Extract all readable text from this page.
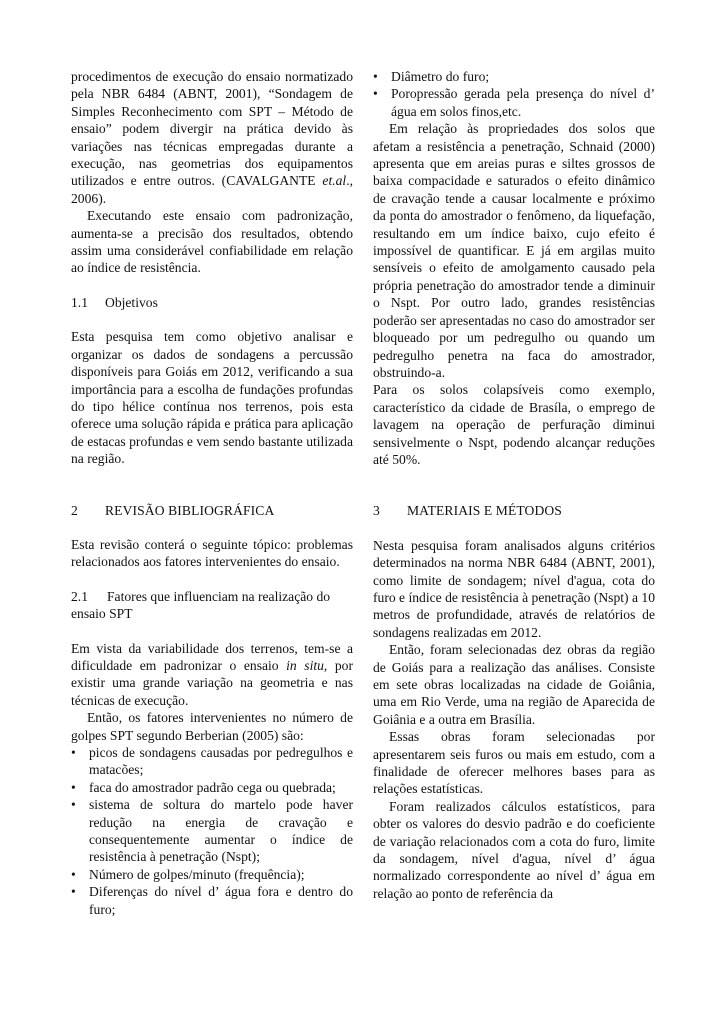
procedimentos de execução do ensaio normatizado pela NBR 6484 (ABNT, 2001), “Sondagem de Simples Reconhecimento com SPT – Método de ensaio” podem divergir na prática devido às variações nas técnicas empregadas durante a execução, nas geometrias dos equipamentos utilizados e entre outros. (CAVALGANTE et.al., 2006).

Executando este ensaio com padronização, aumenta-se a precisão dos resultados, obtendo assim uma considerável confiabilidade em relação ao índice de resistência.

1.1 Objetivos

Esta pesquisa tem como objetivo analisar e organizar os dados de sondagens a percussão disponíveis para Goiás em 2012, verificando a sua importância para a escolha de fundações profundas do tipo hélice contínua nos terrenos, pois esta oferece uma solução rápida e prática para aplicação de estacas profundas e vem sendo bastante utilizada na região.

2 REVISÃO BIBLIOGRÁFICA

Esta revisão conterá o seguinte tópico: problemas relacionados aos fatores intervenientes do ensaio.

2.1 Fatores que influenciam na realização do ensaio SPT

Em vista da variabilidade dos terrenos, tem-se a dificuldade em padronizar o ensaio in situ, por existir uma grande variação na geometria e nas técnicas de execução.

Então, os fatores intervenientes no número de golpes SPT segundo Berberian (2005) são:

• picos de sondagens causadas por pedregulhos e matacões;
• faca do amostrador padrão cega ou quebrada;
• sistema de soltura do martelo pode haver redução na energia de cravação e consequentemente aumentar o índice de resistência à penetração (Nspt);
• Número de golpes/minuto (frequência);
• Diferenças do nível d’ água fora e dentro do furo;
• Diâmetro do furo;
• Poropressão gerada pela presença do nível d’ água em solos finos,etc.

Em relação às propriedades dos solos que afetam a resistência a penetração, Schnaid (2000) apresenta que em areias puras e siltes grossos de baixa compacidade e saturados o efeito dinâmico de cravação tende a causar localmente e próximo da ponta do amostrador o fenômeno, da liquefação, resultando em um índice baixo, cujo efeito é impossível de quantificar. E já em argilas muito sensíveis o efeito de amolgamento causado pela própria penetração do amostrador tende a diminuir o Nspt. Por outro lado, grandes resistências poderão ser apresentadas no caso do amostrador ser bloqueado por um pedregulho ou quando um pedregulho penetra na faca do amostrador, obstruindo-a.

Para os solos colapsíveis como exemplo, característico da cidade de Brasíla, o emprego de lavagem na operação de perfuração diminui sensivelmente o Nspt, podendo alcançar reduções até 50%.

3 MATERIAIS E MÉTODOS

Nesta pesquisa foram analisados alguns critérios determinados na norma NBR 6484 (ABNT, 2001), como limite de sondagem; nível d'agua, cota do furo e índice de resistência à penetração (Nspt) a 10 metros de profundidade, através de relatórios de sondagens realizadas em 2012.

Então, foram selecionadas dez obras da região de Goiás para a realização das análises. Consiste em sete obras localizadas na cidade de Goiânia, uma em Rio Verde, uma na região de Aparecida de Goiânia e a outra em Brasília.

Essas obras foram selecionadas por apresentarem seis furos ou mais em estudo, com a finalidade de oferecer melhores bases para as relações estatísticas.

Foram realizados cálculos estatísticos, para obter os valores do desvio padrão e do coeficiente de variação relacionados com a cota do furo, limite da sondagem, nível d'agua, nível d’ água normalizado correspondente ao nível d’ água em relação ao ponto de referência da
